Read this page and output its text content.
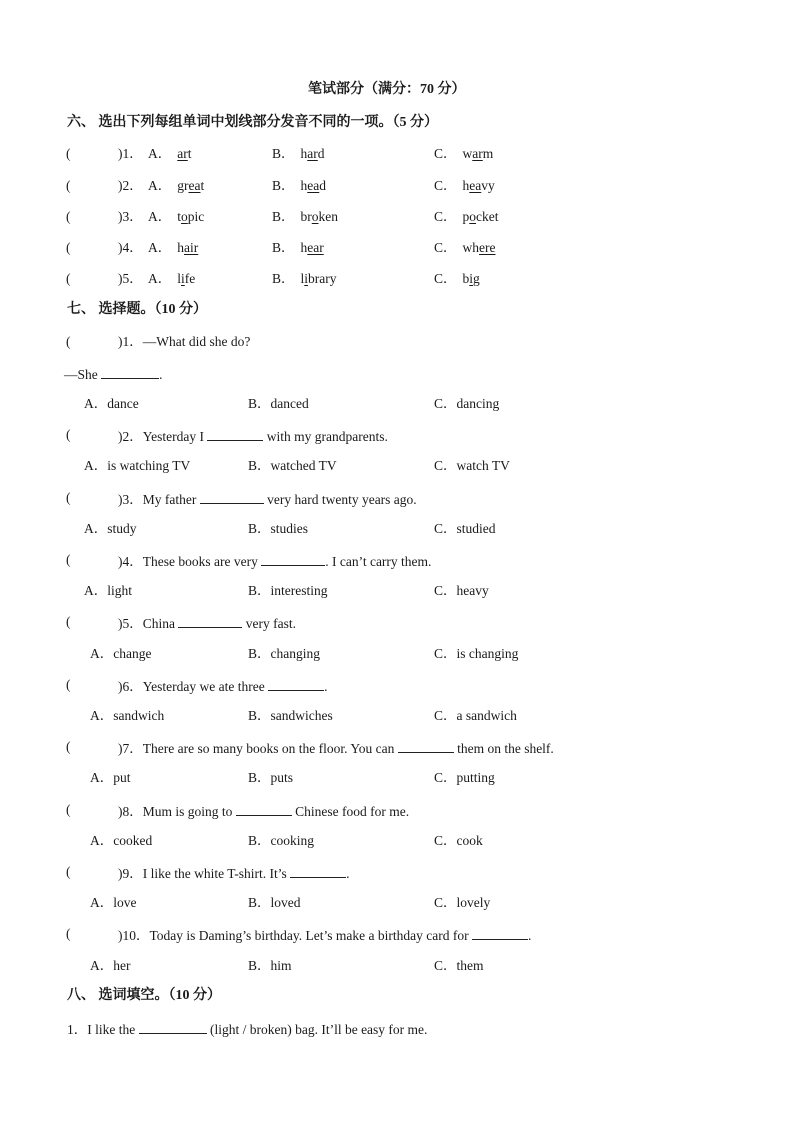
笔试部分（满分：70 分）
六、 选出下列每组单词中划线部分发音不同的一项。（5 分）
(	)1． A． art	B． hard	C． warm
(	)2． A． great	B． head	C． heavy
(	)3． A． topic	B． broken	C． pocket
(	)4． A． hair	B． hear	C． where
(	)5． A． life	B． library	C． big
七、 选择题。（10 分）
(	)1．—What did she do?
—She	.
A．dance	B．danced	C．dancing
(	)2．Yesterday I	with my grandparents.
A．is watching TV	B．watched TV	C．watch TV
(	)3．My father	very hard twenty years ago.
A．study	B．studies	C．studied
(	)4．These books are very	. I can’t carry them.
A．light	B．interesting	C．heavy
(	)5．China	very fast.
A．change	B．changing	C．is changing
(	)6．Yesterday we ate three	.
A．sandwich	B．sandwiches	C．a sandwich
(	)7．There are so many books on the floor. You can	them on the shelf.
A．put	B．puts	C．putting
(	)8．Mum is going to	Chinese food for me.
A．cooked	B．cooking	C．cook
(	)9．I like the white T-shirt. It’s	.
A．love	B．loved	C．lovely
(	)10．Today is Daming’s birthday. Let’s make a birthday card for	.
A．her	B．him	C．them
八、 选词填空。（10 分）
1．I like the	(light / broken) bag. It’ll be easy for me.
